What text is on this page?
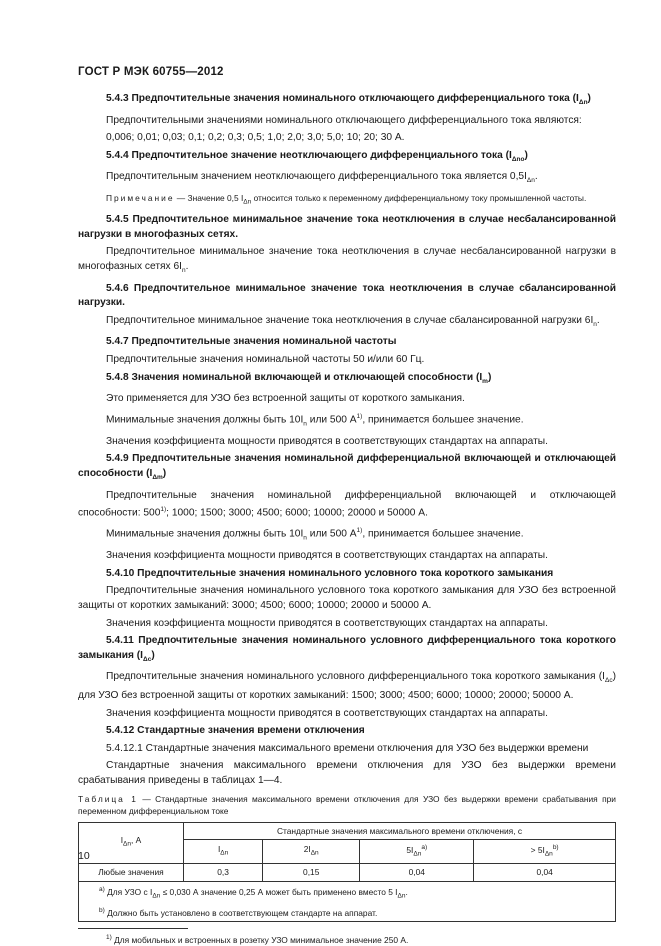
ГОСТ Р МЭК 60755—2012

5.4.3 Предпочтительные значения номинального отключающего дифференциального тока $(I_{\Delta n})$

Предпочтительными значениями номинального отключающего дифференциального тока являются:

0,006; 0,01; 0,03; 0,1; 0,2; 0,3; 0,5; 1,0; 2,0; 3,0; 5,0; 10; 20; 30 А.

5.4.4 Предпочтительное значение неотключающего дифференциального тока $(I_{\Delta no})$

Предпочтительным значением неотключающего дифференциального тока является $0,5I_{\Delta n}$.

Примечание — Значение 0,5 $I_{\Delta n}$ относится только к переменному дифференциальному току промышленной частоты.

5.4.5 Предпочтительное минимальное значение тока неотключения в случае несбалансированной нагрузки в многофазных сетях.

Предпочтительное минимальное значение тока неотключения в случае несбалансированной нагрузки в многофазных сетях $6I_n$.

5.4.6 Предпочтительное минимальное значение тока неотключения в случае сбалансированной нагрузки.

Предпочтительное минимальное значение тока неотключения в случае сбалансированной нагрузки $6I_n$.

5.4.7 Предпочтительные значения номинальной частоты

Предпочтительные значения номинальной частоты 50 и/или 60 Гц.

5.4.8 Значения номинальной включающей и отключающей способности $(I_m)$

Это применяется для УЗО без встроенной защиты от короткого замыкания.

Минимальные значения должны быть $10I_n$ или 500 $А^{1)}$, принимается большее значение.

Значения коэффициента мощности приводятся в соответствующих стандартах на аппараты.

5.4.9 Предпочтительные значения номинальной дифференциальной включающей и отключающей способности $(I_{\Delta m})$

Предпочтительные значения номинальной дифференциальной включающей и отключающей способности: 500$^{1)}$; 1000; 1500; 3000; 4500; 6000; 10000; 20000 и 50000 А.

Минимальные значения должны быть $10I_n$ или 500 $А^{1)}$, принимается большее значение.

Значения коэффициента мощности приводятся в соответствующих стандартах на аппараты.

5.4.10 Предпочтительные значения номинального условного тока короткого замыкания

Предпочтительные значения номинального условного тока короткого замыкания для УЗО без встроенной защиты от коротких замыканий: 3000; 4500; 6000; 10000; 20000 и 50000 А.

Значения коэффициента мощности приводятся в соответствующих стандартах на аппараты.

5.4.11 Предпочтительные значения номинального условного дифференциального тока короткого замыкания $(I_{\Delta c})$

Предпочтительные значения номинального условного дифференциального тока короткого замыкания $(I_{\Delta c})$ для УЗО без встроенной защиты от коротких замыканий: 1500; 3000; 4500; 6000; 10000; 20000; 50000 А.

Значения коэффициента мощности приводятся в соответствующих стандартах на аппараты.

5.4.12 Стандартные значения времени отключения

5.4.12.1 Стандартные значения максимального времени отключения для УЗО без выдержки времени

Стандартные значения максимального времени отключения для УЗО без выдержки времени срабатывания приведены в таблицах 1—4.

Таблица 1 — Стандартные значения максимального времени отключения для УЗО без выдержки времени срабатывания при переменном дифференциальном токе

$I_{\Delta n}$, А	Стандартные значения максимального времени отключения, с			
	$I_{\Delta n}$	$2I_{\Delta n}$	$5I_{\Delta n}^{a)}$	> $5I_{\Delta n}^{b)}$
Любые значения	0,3	0,15	0,04	0,04

$^{a)}$ Для УЗО с $I_{\Delta n} \le 0,030$ А значение 0,25 А может быть применено вместо 5 $I_{\Delta n}$.
$^{b)}$ Должно быть установлено в соответствующем стандарте на аппарат.				
$^{1)}$ Для мобильных и встроенных в розетку УЗО минимальное значение 250 А.
10
